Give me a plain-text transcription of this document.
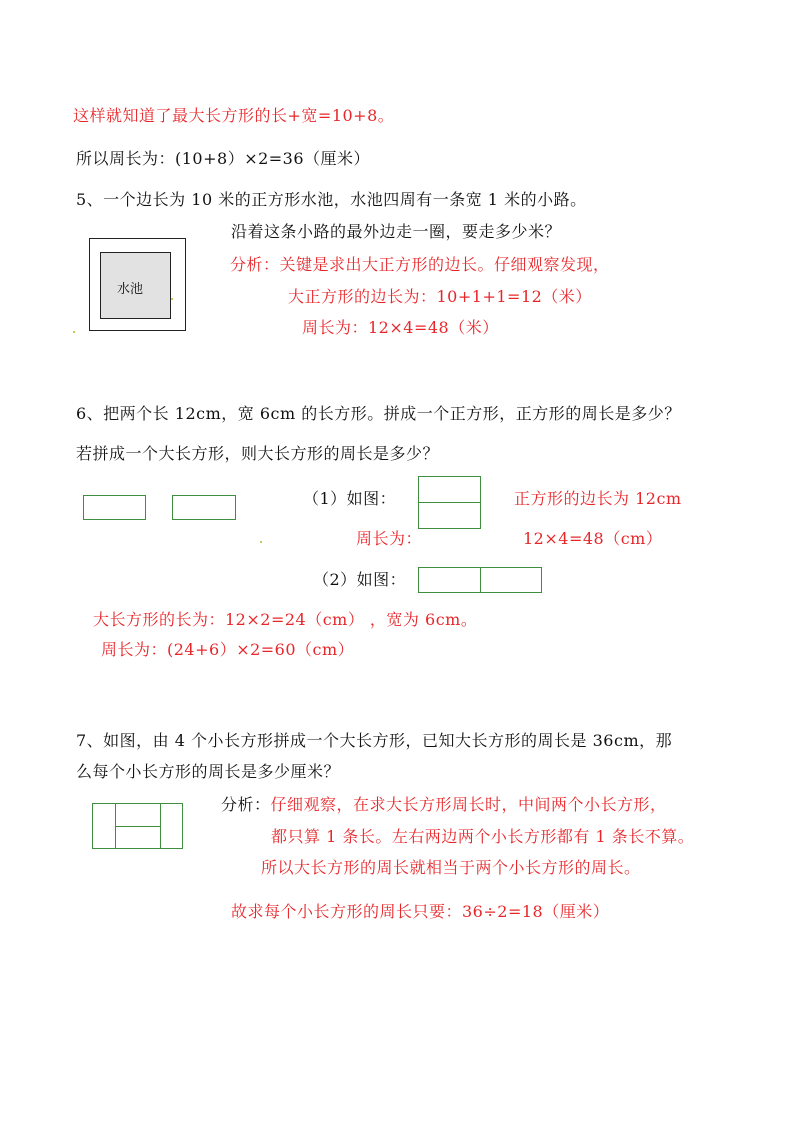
这样就知道了最大长方形的长+宽=10+8。
所以周长为：(10+8）×2=36（厘米）
5、一个边长为 10 米的正方形水池，水池四周有一条宽 1 米的小路。
沿着这条小路的最外边走一圈，要走多少米？
分析：关键是求出大正方形的边长。仔细观察发现，
大正方形的边长为：10+1+1=12（米）
周长为：12×4=48（米）
水池
6、把两个长 12cm，宽 6cm 的长方形。拼成一个正方形，正方形的周长是多少？
若拼成一个大长方形，则大长方形的周长是多少？
（1）如图：	正方形的边长为 12cm
周长为：	12×4=48（cm）
（2）如图：
大长方形的长为：12×2=24（cm） ，宽为 6cm。
周长为：(24+6）×2=60（cm）
7、如图，由 4 个小长方形拼成一个大长方形，已知大长方形的周长是 36cm，那
么每个小长方形的周长是多少厘米？
分析：仔细观察，在求大长方形周长时，中间两个小长方形，
都只算 1 条长。左右两边两个小长方形都有 1 条长不算。
所以大长方形的周长就相当于两个小长方形的周长。
故求每个小长方形的周长只要：36÷2=18（厘米）
